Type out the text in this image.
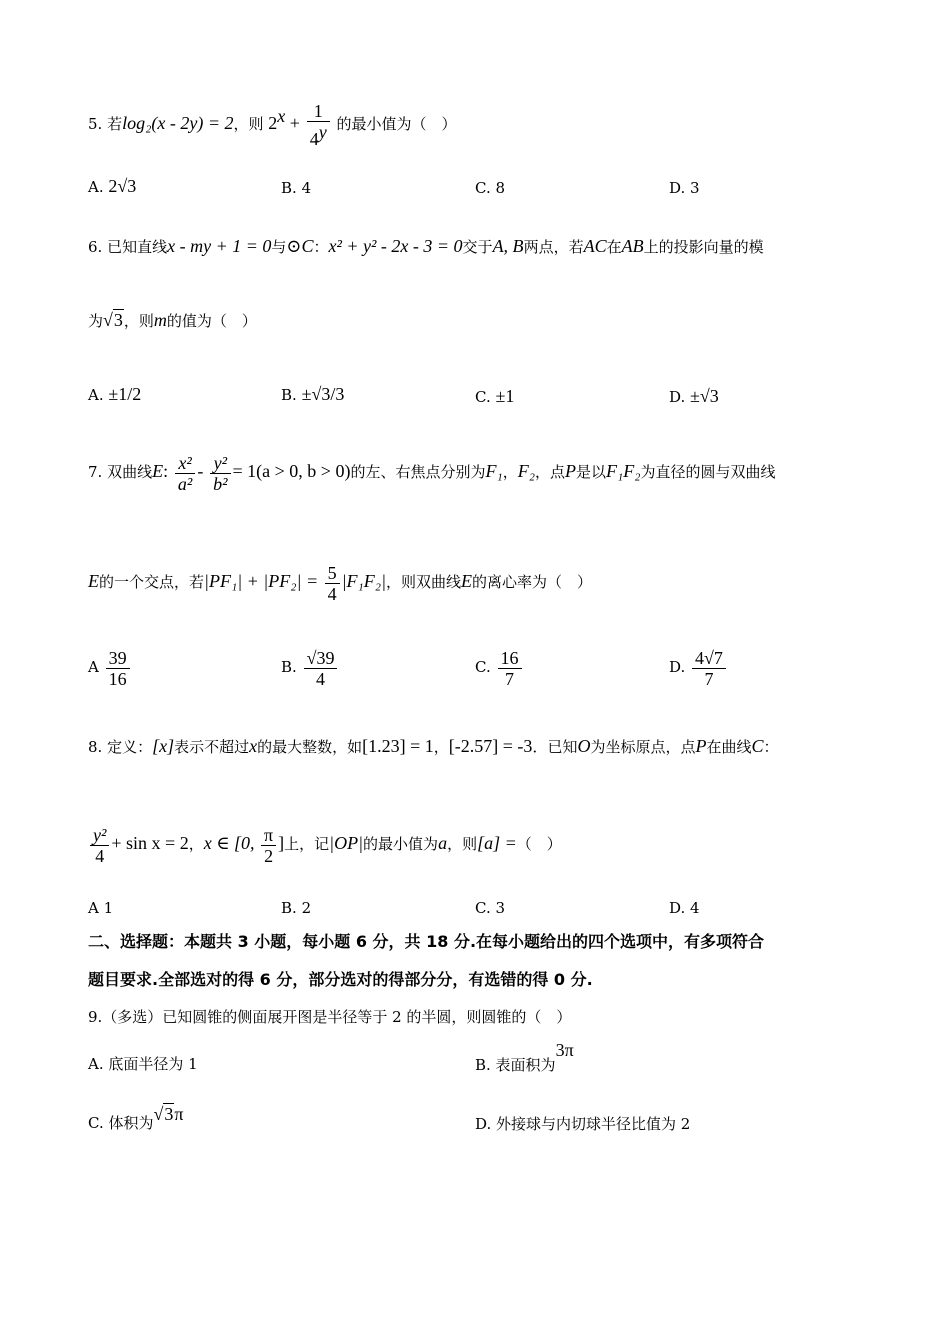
5. 若log₂(x - 2y) = 2，则 $2^x + \frac{1}{4^y}$ 的最小值为（　）
A. 2√3	B. 4	C. 8	D. 3
6. 已知直线x - my + 1 = 0与⊙C：x² + y² - 2x - 3 = 0交于A, B两点，若AC在AB上的投影向量的模
为√3，则m的值为（　）
A. ±1/2	B. ±√3/3	C. ±1	D. ±√3
7. 双曲线E: $\frac{\text{x²}}{\text{a²}} - \frac{\text{y²}}{\text{b²}} = 1(a > 0$, b > 0)的左、右焦点分别为F₁，F₂，点P是以F₁F₂为直径的圆与双曲线
E的一个交点，若$|PF_1| + |PF_2| = \frac{5}{4} |F_1F_2|$，则双曲线E的离心率为（　）
A $\frac{39}{16}$	B. $\frac{√39}{4}$	C. $\frac{16}{7}$	D. $\frac{4√7}{7}$
8. 定义：[x]表示不超过x的最大整数，如[1.23] = 1，[-2.57] = -3．已知O为坐标原点，点P在曲线C：
$\frac{\text{y²}}{4} + \sin x = 2$，x ∈ [0, $\frac{\pi}{2}$ ]上，记|OP|的最小值为a，则[a] =（　）
A 1	B. 2	C. 3	D. 4
二、选择题：本题共 3 小题，每小题 6 分，共 18 分.在每小题给出的四个选项中，有多项符合
题目要求.全部选对的得 6 分，部分选对的得部分分，有选错的得 0 分.
9.（多选）已知圆锥的侧面展开图是半径等于 2 的半圆，则圆锥的（　）
A. 底面半径为 1	B. 表面积为3π
C. 体积为√3π	D. 外接球与内切球半径比值为 2
